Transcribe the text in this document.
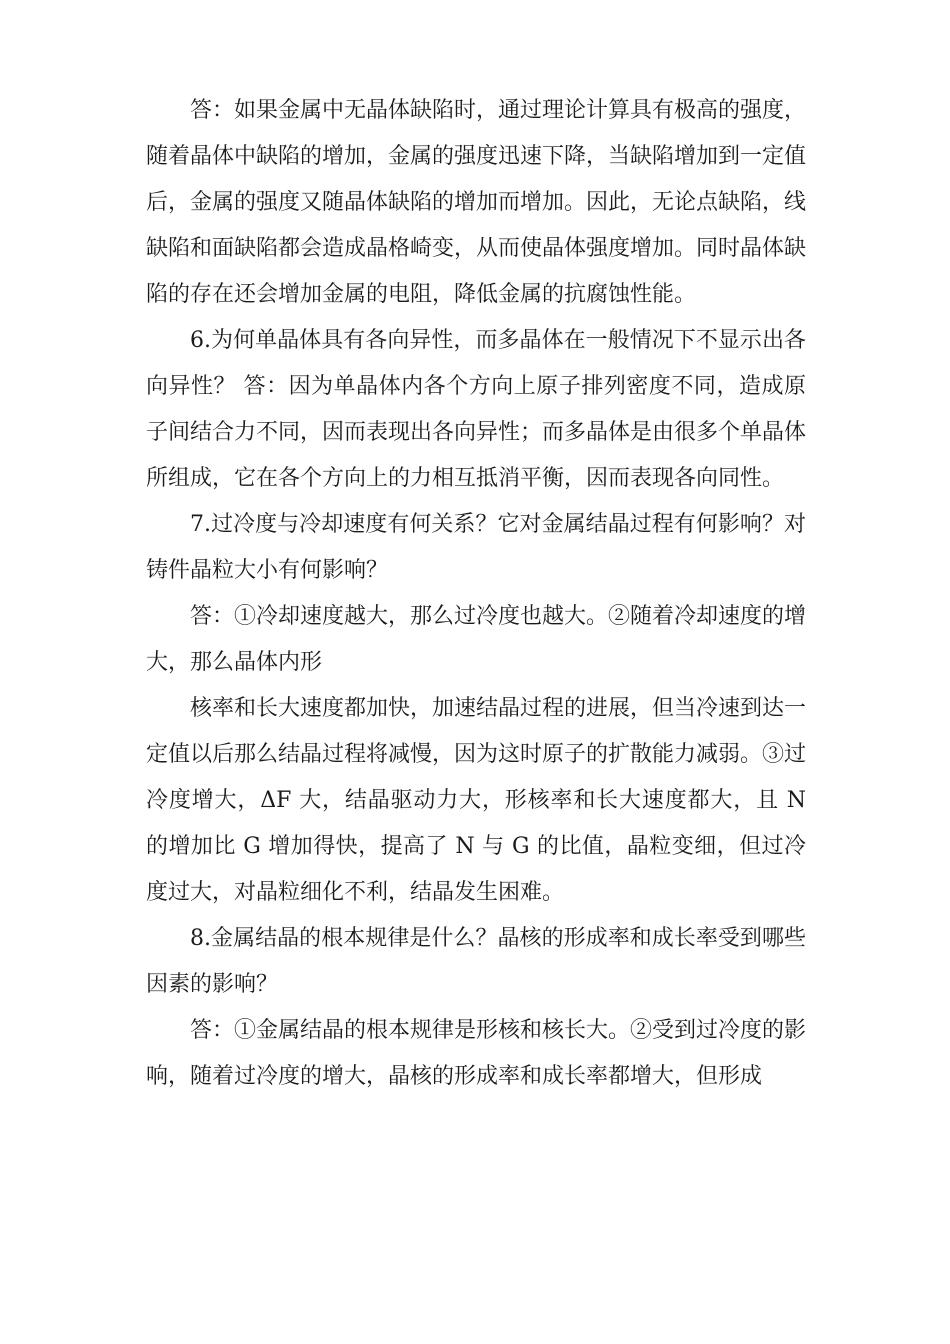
答：如果金属中无晶体缺陷时，通过理论计算具有极高的强度，随着晶体中缺陷的增加，金属的强度迅速下降，当缺陷增加到一定值后，金属的强度又随晶体缺陷的增加而增加。因此，无论点缺陷，线缺陷和面缺陷都会造成晶格崎变，从而使晶体强度增加。同时晶体缺陷的存在还会增加金属的电阻，降低金属的抗腐蚀性能。

6.为何单晶体具有各向异性，而多晶体在一般情况下不显示出各向异性？ 答：因为单晶体内各个方向上原子排列密度不同，造成原子间结合力不同，因而表现出各向异性；而多晶体是由很多个单晶体所组成，它在各个方向上的力相互抵消平衡，因而表现各向同性。

7.过冷度与冷却速度有何关系？它对金属结晶过程有何影响？对铸件晶粒大小有何影响？

答：①冷却速度越大，那么过冷度也越大。②随着冷却速度的增大，那么晶体内形

核率和长大速度都加快，加速结晶过程的进展，但当冷速到达一定值以后那么结晶过程将减慢，因为这时原子的扩散能力减弱。③过冷度增大，ΔF 大，结晶驱动力大，形核率和长大速度都大，且 N 的增加比 G 增加得快，提高了 N 与 G 的比值，晶粒变细，但过冷度过大，对晶粒细化不利，结晶发生困难。

8.金属结晶的根本规律是什么？晶核的形成率和成长率受到哪些因素的影响？

答：①金属结晶的根本规律是形核和核长大。②受到过冷度的影响，随着过冷度的增大，晶核的形成率和成长率都增大，但形成
